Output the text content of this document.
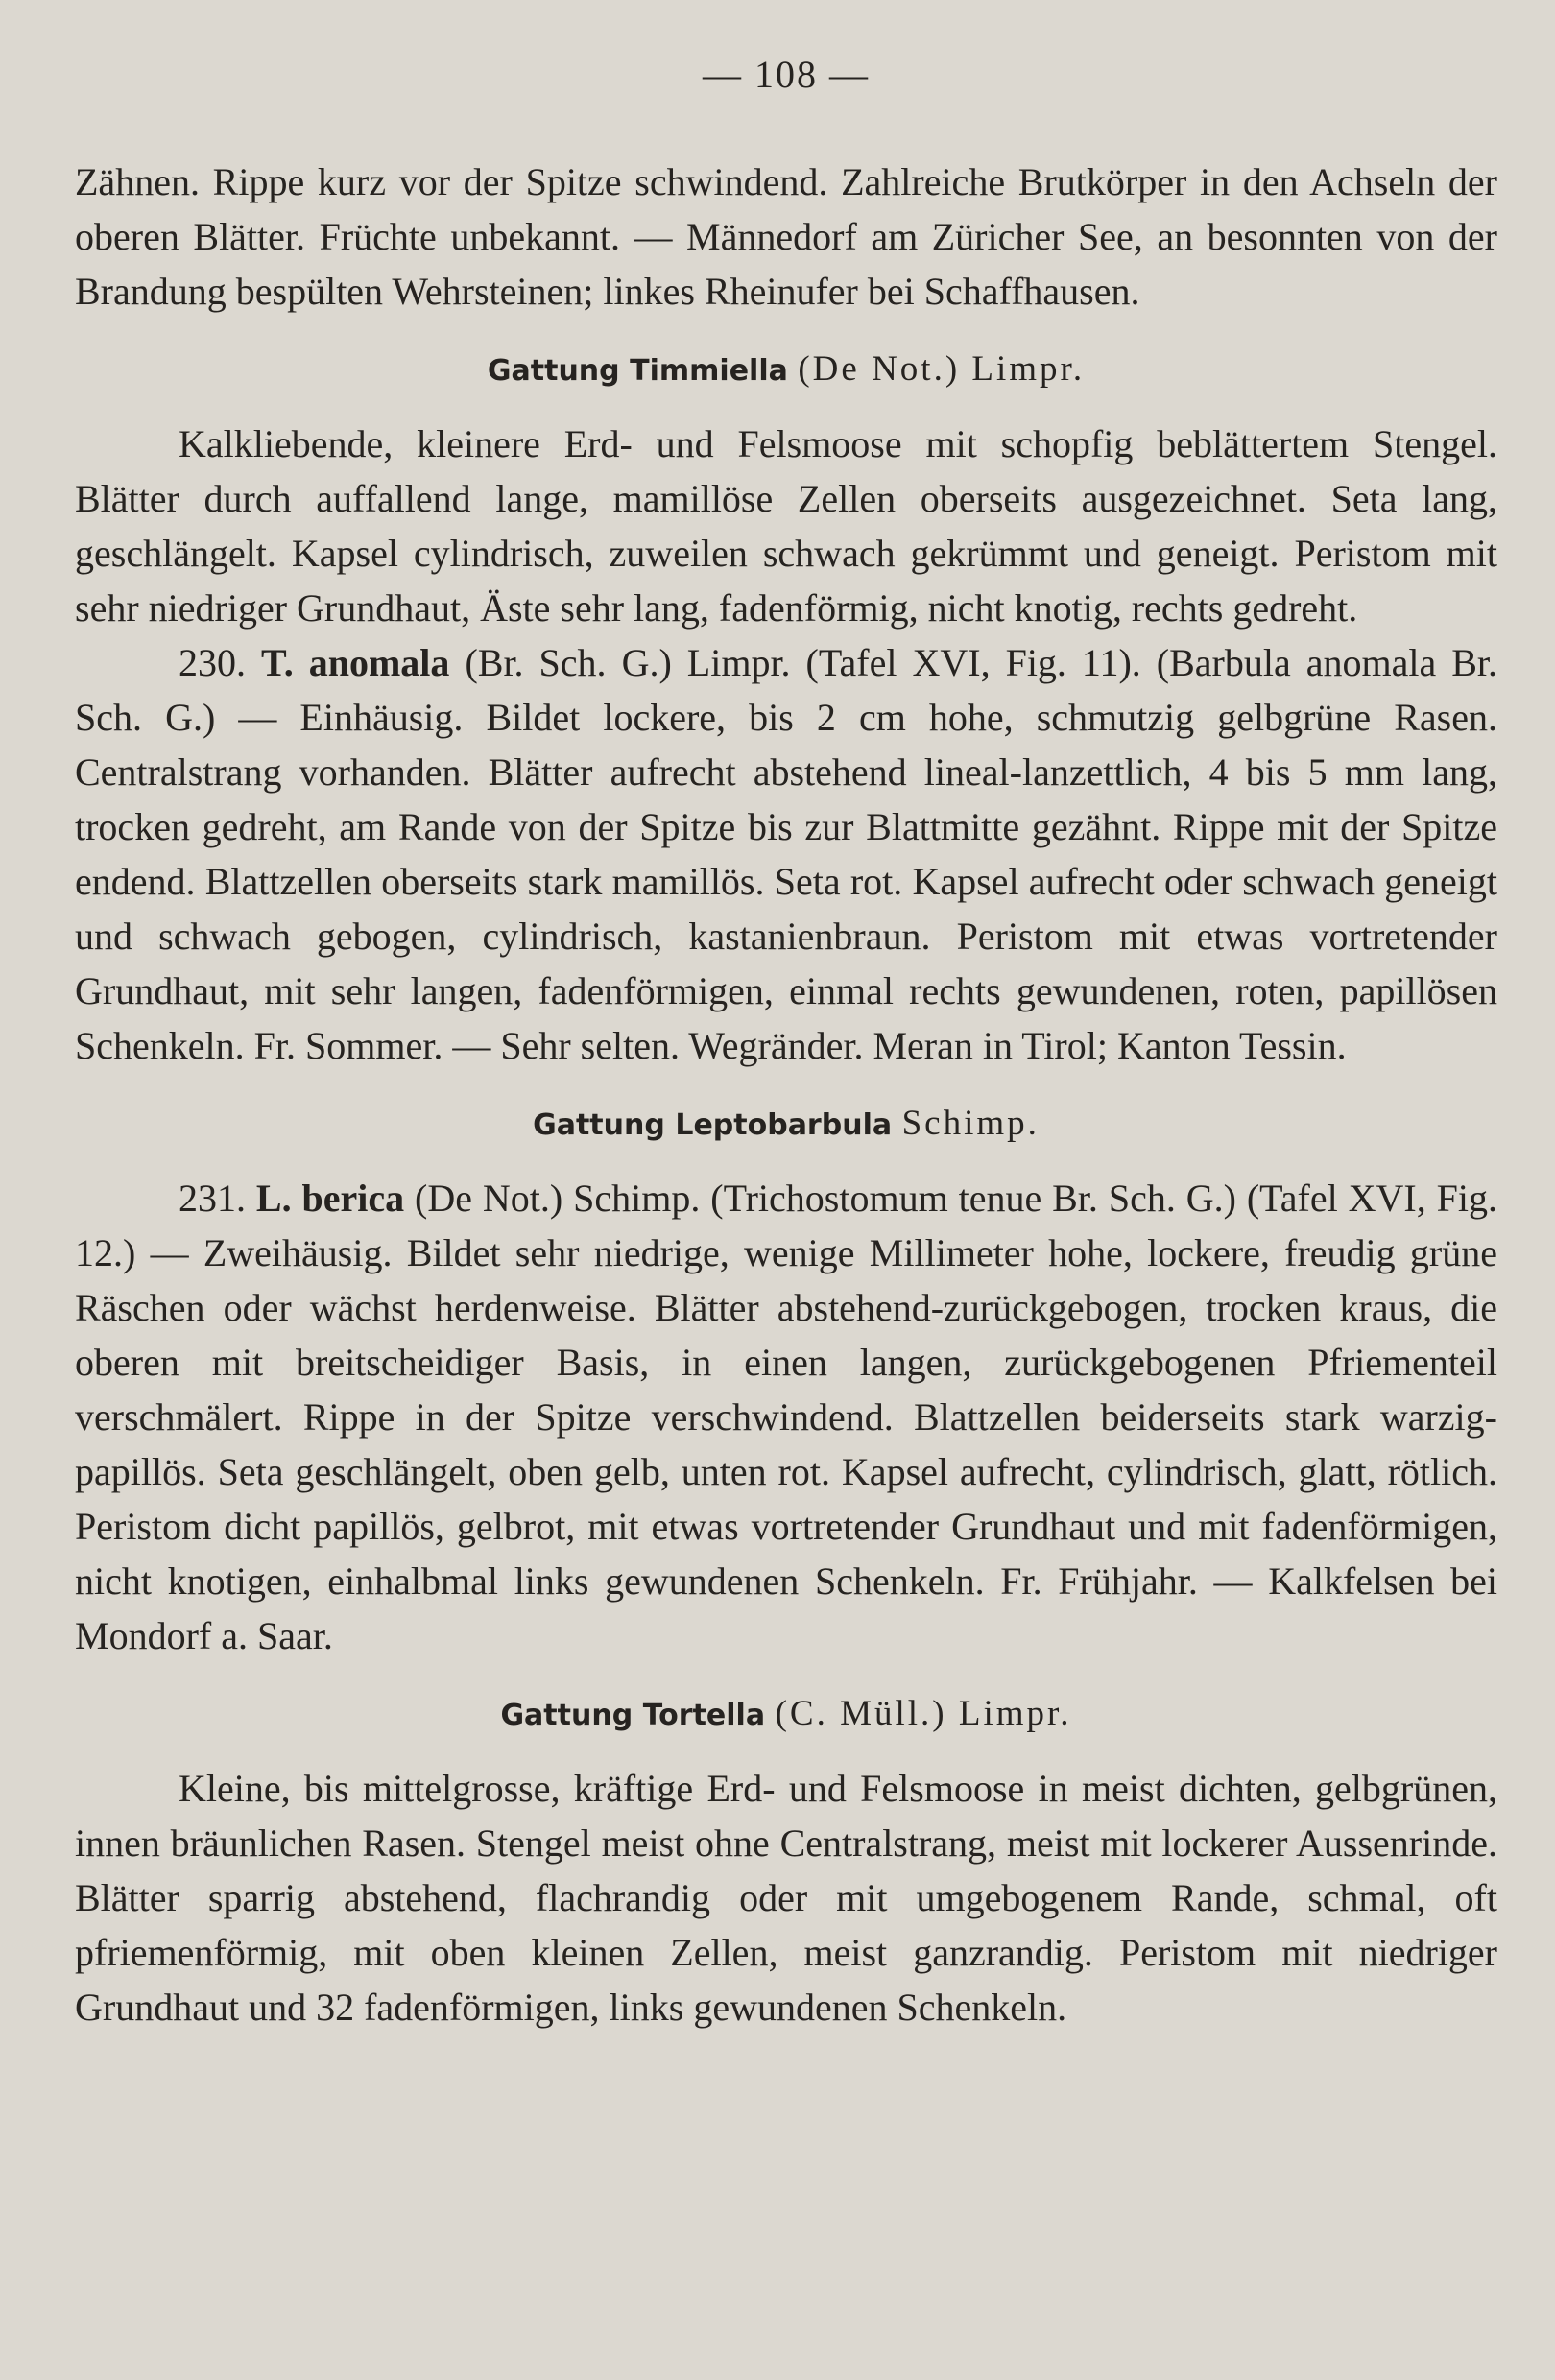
— 108 —

Zähnen. Rippe kurz vor der Spitze schwindend. Zahlreiche Brutkörper in den Achseln der oberen Blätter. Früchte unbekannt. — Männedorf am Züricher See, an besonnten von der Brandung bespülten Wehrsteinen; linkes Rheinufer bei Schaffhausen.

Gattung Timmiella (De Not.) Limpr.

Kalkliebende, kleinere Erd- und Felsmoose mit schopfig beblättertem Stengel. Blätter durch auffallend lange, mamillöse Zellen oberseits ausgezeichnet. Seta lang, geschlängelt. Kapsel cylindrisch, zuweilen schwach gekrümmt und geneigt. Peristom mit sehr niedriger Grundhaut, Äste sehr lang, fadenförmig, nicht knotig, rechts gedreht.

230. T. anomala (Br. Sch. G.) Limpr. (Tafel XVI, Fig. 11). (Barbula anomala Br. Sch. G.) — Einhäusig. Bildet lockere, bis 2 cm hohe, schmutzig gelbgrüne Rasen. Centralstrang vorhanden. Blätter aufrecht abstehend lineal-lanzettlich, 4 bis 5 mm lang, trocken gedreht, am Rande von der Spitze bis zur Blattmitte gezähnt. Rippe mit der Spitze endend. Blattzellen oberseits stark mamillös. Seta rot. Kapsel aufrecht oder schwach geneigt und schwach gebogen, cylindrisch, kastanienbraun. Peristom mit etwas vortretender Grundhaut, mit sehr langen, fadenförmigen, einmal rechts gewundenen, roten, papillösen Schenkeln. Fr. Sommer. — Sehr selten. Wegränder. Meran in Tirol; Kanton Tessin.

Gattung Leptobarbula Schimp.

231. L. berica (De Not.) Schimp. (Trichostomum tenue Br. Sch. G.) (Tafel XVI, Fig. 12.) — Zweihäusig. Bildet sehr niedrige, wenige Millimeter hohe, lockere, freudig grüne Räschen oder wächst herdenweise. Blätter abstehend-zurückgebogen, trocken kraus, die oberen mit breitscheidiger Basis, in einen langen, zurückgebogenen Pfriementeil verschmälert. Rippe in der Spitze verschwindend. Blattzellen beiderseits stark warzig-papillös. Seta geschlängelt, oben gelb, unten rot. Kapsel aufrecht, cylindrisch, glatt, rötlich. Peristom dicht papillös, gelbrot, mit etwas vortretender Grundhaut und mit fadenförmigen, nicht knotigen, einhalbmal links gewundenen Schenkeln. Fr. Frühjahr. — Kalkfelsen bei Mondorf a. Saar.

Gattung Tortella (C. Müll.) Limpr.

Kleine, bis mittelgrosse, kräftige Erd- und Felsmoose in meist dichten, gelbgrünen, innen bräunlichen Rasen. Stengel meist ohne Centralstrang, meist mit lockerer Aussenrinde. Blätter sparrig abstehend, flachrandig oder mit umgebogenem Rande, schmal, oft pfriemenförmig, mit oben kleinen Zellen, meist ganzrandig. Peristom mit niedriger Grundhaut und 32 fadenförmigen, links gewundenen Schenkeln.
